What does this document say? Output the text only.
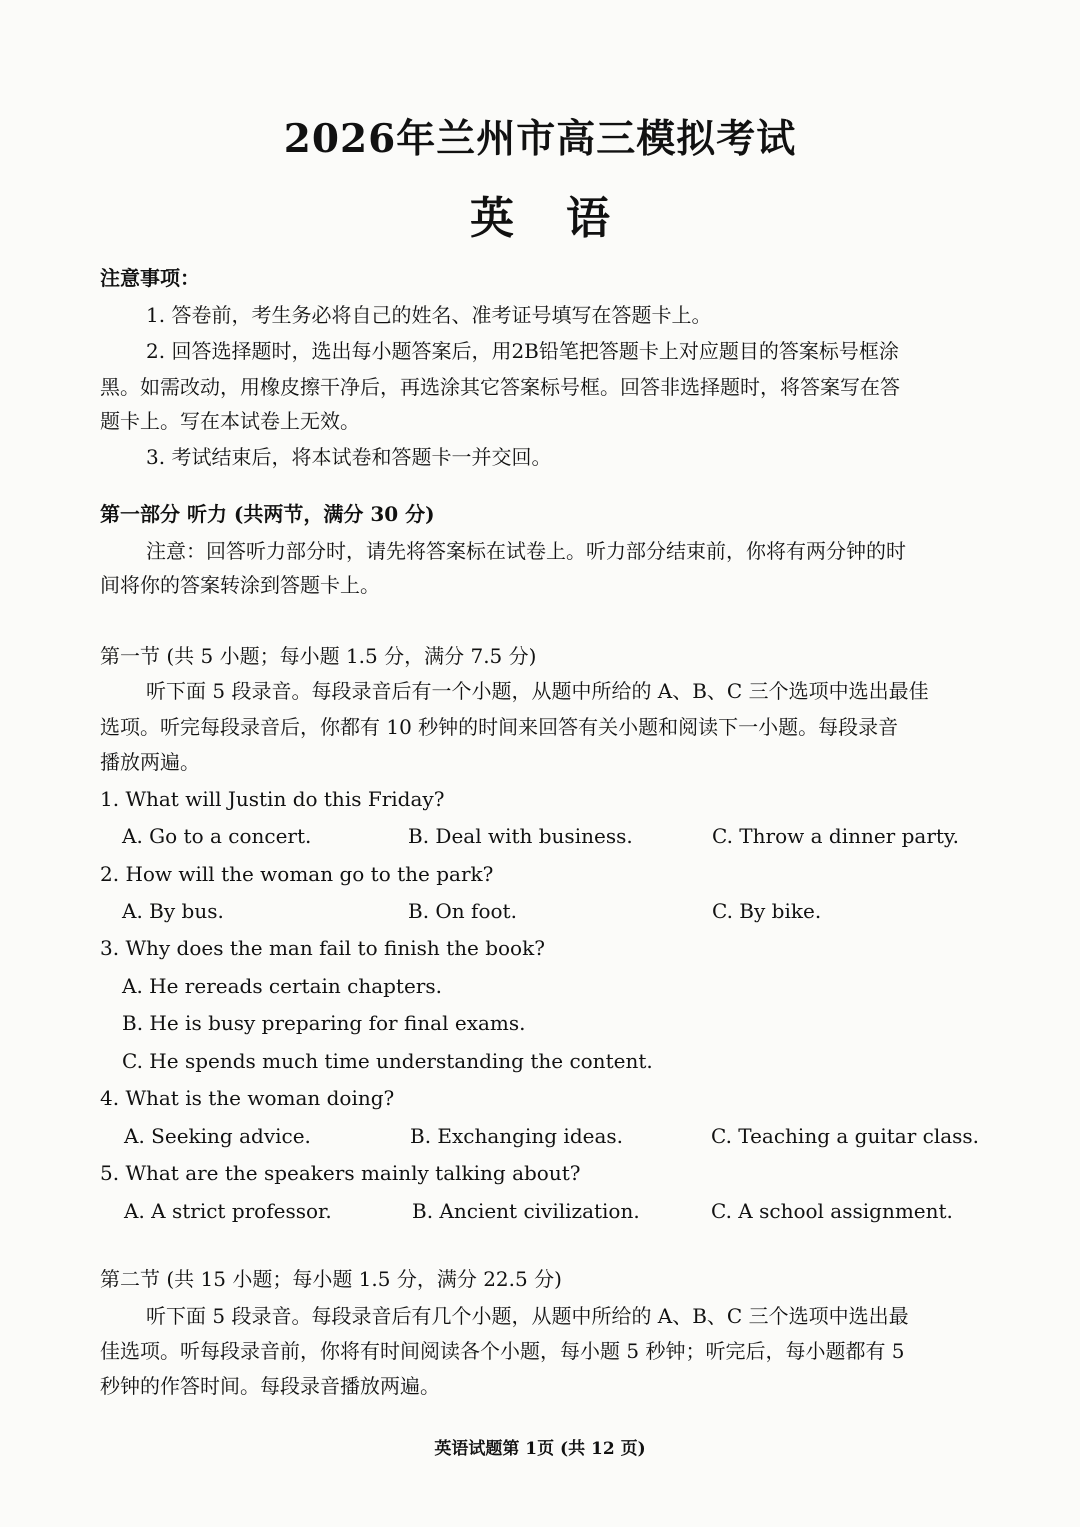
2026年兰州市高三模拟考试
英语
注意事项：
1. 答卷前，考生务必将自己的姓名、准考证号填写在答题卡上。
2. 回答选择题时，选出每小题答案后，用2B铅笔把答题卡上对应题目的答案标号框涂
黑。如需改动，用橡皮擦干净后，再选涂其它答案标号框。回答非选择题时，将答案写在答
题卡上。写在本试卷上无效。
3. 考试结束后，将本试卷和答题卡一并交回。
第一部分 听力 (共两节，满分 30 分)
注意：回答听力部分时，请先将答案标在试卷上。听力部分结束前，你将有两分钟的时
间将你的答案转涂到答题卡上。
第一节 (共 5 小题；每小题 1.5 分，满分 7.5 分)
听下面 5 段录音。每段录音后有一个小题，从题中所给的 A、B、C 三个选项中选出最佳
选项。听完每段录音后，你都有 10 秒钟的时间来回答有关小题和阅读下一小题。每段录音
播放两遍。
1. What will Justin do this Friday?
A. Go to a concert.	B. Deal with business.	C. Throw a dinner party.
2. How will the woman go to the park?
A. By bus.	B. On foot.	C. By bike.
3. Why does the man fail to finish the book?
A. He rereads certain chapters.
B. He is busy preparing for final exams.
C. He spends much time understanding the content.
4. What is the woman doing?
A. Seeking advice.	B. Exchanging ideas.	C. Teaching a guitar class.
5. What are the speakers mainly talking about?
A. A strict professor.	B. Ancient civilization.	C. A school assignment.
第二节 (共 15 小题；每小题 1.5 分，满分 22.5 分)
听下面 5 段录音。每段录音后有几个小题，从题中所给的 A、B、C 三个选项中选出最
佳选项。听每段录音前，你将有时间阅读各个小题，每小题 5 秒钟；听完后，每小题都有 5
秒钟的作答时间。每段录音播放两遍。
英语试题第 1页 (共 12 页)
